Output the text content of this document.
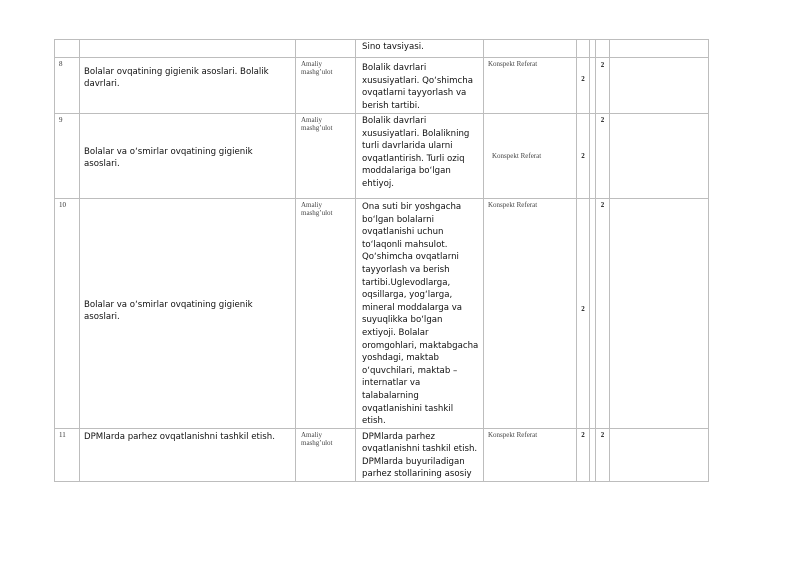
			Sino tavsiyasi.					

8	Bolalar ovqatining gigienik asoslari. Bolalik davrlari.	Amaliy mashg’ulot	Bolalik davrlari xususiyatlari. Qo‘shimcha ovqatlarni tayyorlash va berish tartibi.	Konspekt Referat	2		2	

9	Bolalar va o‘smirlar ovqatining gigienik asoslari.	Amaliy mashg’ulot	Bolalik davrlari xususiyatlari. Bolalikning turli davrlarida ularni ovqatlantirish. Turli oziq moddalariga bo‘lgan ehtiyoj.	Konspekt Referat	2		2	

10	Bolalar va o‘smirlar ovqatining gigienik asoslari.	Amaliy mashg’ulot	Ona suti bir yoshgacha bo‘lgan bolalarni ovqatlanishi uchun to‘laqonli mahsulot. Qo‘shimcha ovqatlarni tayyorlash va berish tartibi.Uglevodlarga, oqsillarga, yog‘larga, mineral moddalarga va suyuqlikka bo‘lgan extiyoji. Bolalar oromgohlari, maktabgacha yoshdagi, maktab o‘quvchilari, maktab – internatlar va talabalarning ovqatlanishini tashkil etish.	Konspekt Referat	2		2	

11	DPMlarda parhez ovqatlanishni tashkil etish.	Amaliy mashg’ulot	DPMlarda parhez ovqatlanishni tashkil etish. DPMlarda buyuriladigan parhez stollarining asosiy	Konspekt Referat	2		2	
